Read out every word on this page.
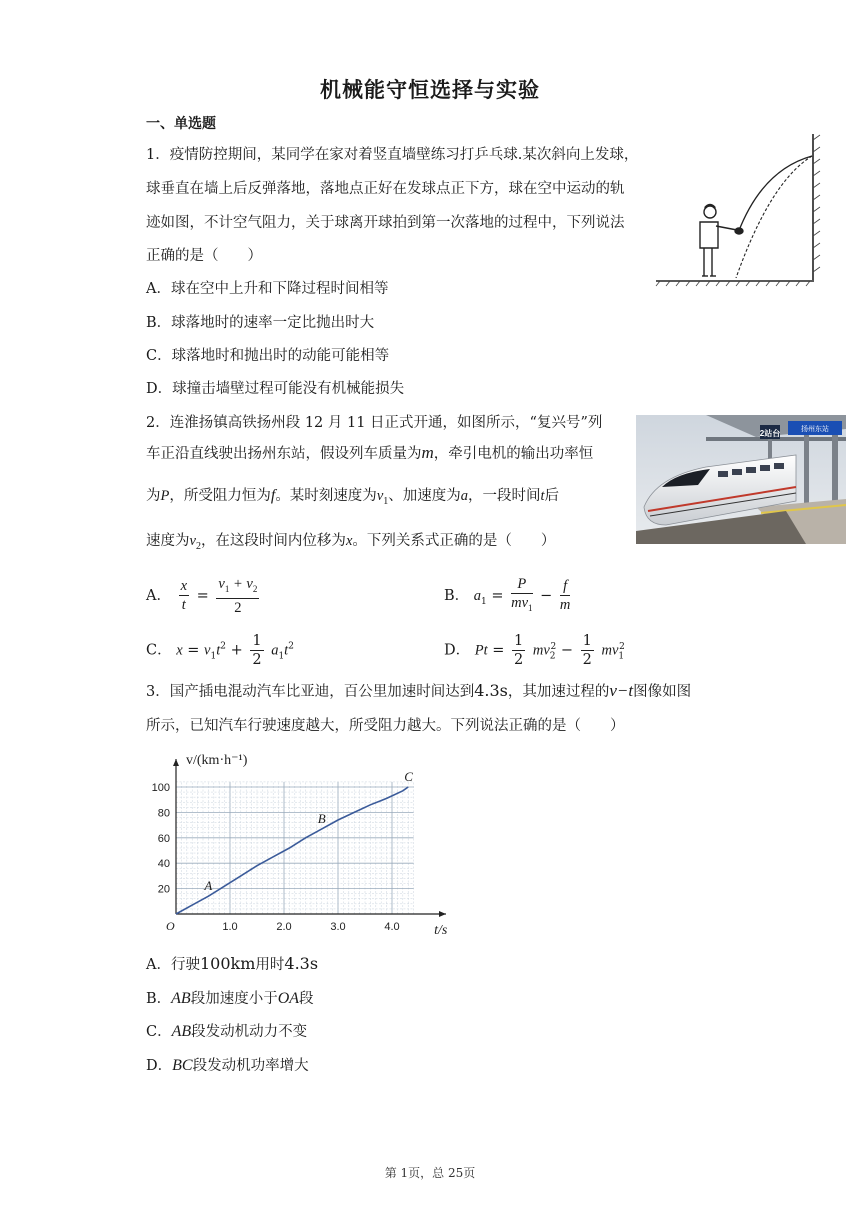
机械能守恒选择与实验
一、单选题
1．疫情防控期间，某同学在家对着竖直墙壁练习打乒乓球.某次斜向上发球，
球垂直在墙上后反弹落地，落地点正好在发球点正下方，球在空中运动的轨
迹如图，不计空气阻力，关于球离开球拍到第一次落地的过程中，下列说法
正确的是（　　）
A．球在空中上升和下降过程时间相等
B．球落地时的速率一定比抛出时大
C．球落地时和抛出时的动能可能相等
D．球撞击墙壁过程可能没有机械能损失
2．连淮扬镇高铁扬州段 12 月 11 日正式开通，如图所示，“复兴号”列
车正沿直线驶出扬州东站，假设列车质量为m，牵引电机的输出功率恒
为P，所受阻力恒为f。某时刻速度为$v_1$、加速度为a，一段时间t后
速度为$v_2$，在这段时间内位移为x。下列关系式正确的是（　　）
2站台	扬州东站
A． $\frac{x}{t} = \frac{v_1 + v_2}{2}$	B． $a_1 = \frac{P}{mv_1} - \frac{f}{m}$
C． $x = v_1t^2 + \frac{1}{2} a_1t^2$	D． $Pt = \frac{1}{2} mv_2^2 - \frac{1}{2} mv_1^2$
3．国产插电混动汽车比亚迪，百公里加速时间达到4.3s，其加速过程的v−t图像如图
所示，已知汽车行驶速度越大，所受阻力越大。下列说法正确的是（　　）
1.0	2.0	3.0	4.0
20
40
60
80
100
O
v/(km·h⁻¹)
t/s
A
B
C
A．行驶100km用时4.3s
B．AB段加速度小于OA段
C．AB段发动机动力不变
D．BC段发动机功率增大
第 1页，总 25页
